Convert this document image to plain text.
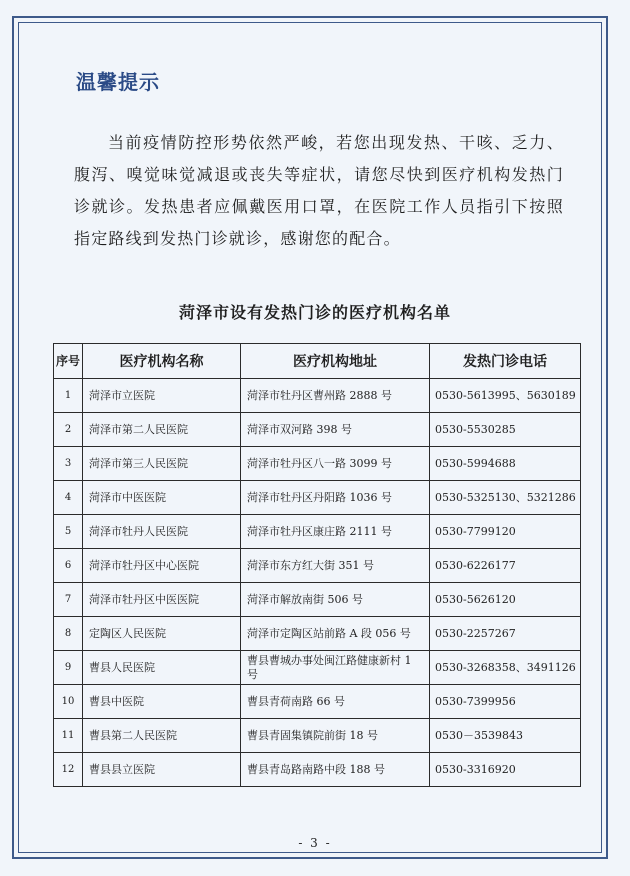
温馨提示

当前疫情防控形势依然严峻，若您出现发热、干咳、乏力、腹泻、嗅觉味觉减退或丧失等症状，请您尽快到医疗机构发热门诊就诊。发热患者应佩戴医用口罩，在医院工作人员指引下按照指定路线到发热门诊就诊，感谢您的配合。

菏泽市设有发热门诊的医疗机构名单
序号	医疗机构名称	医疗机构地址	发热门诊电话
1	菏泽市立医院	菏泽市牡丹区曹州路 2888 号	0530-5613995、5630189
2	菏泽市第二人民医院	菏泽市双河路 398 号	0530-5530285
3	菏泽市第三人民医院	菏泽市牡丹区八一路 3099 号	0530-5994688
4	菏泽市中医医院	菏泽市牡丹区丹阳路 1036 号	0530-5325130、5321286
5	菏泽市牡丹人民医院	菏泽市牡丹区康庄路 2111 号	0530-7799120
6	菏泽市牡丹区中心医院	菏泽市东方红大街 351 号	0530-6226177
7	菏泽市牡丹区中医医院	菏泽市解放南街 506 号	0530-5626120
8	定陶区人民医院	菏泽市定陶区站前路 A 段 056 号	0530-2257267
9	曹县人民医院	曹县曹城办事处闽江路健康新村 1 号	0530-3268358、3491126
10	曹县中医院	曹县青荷南路 66 号	0530-7399956
11	曹县第二人民医院	曹县青固集镇院前街 18 号	0530－3539843
12	曹县县立医院	曹县青岛路南路中段 188 号	0530-3316920
- 3 -
